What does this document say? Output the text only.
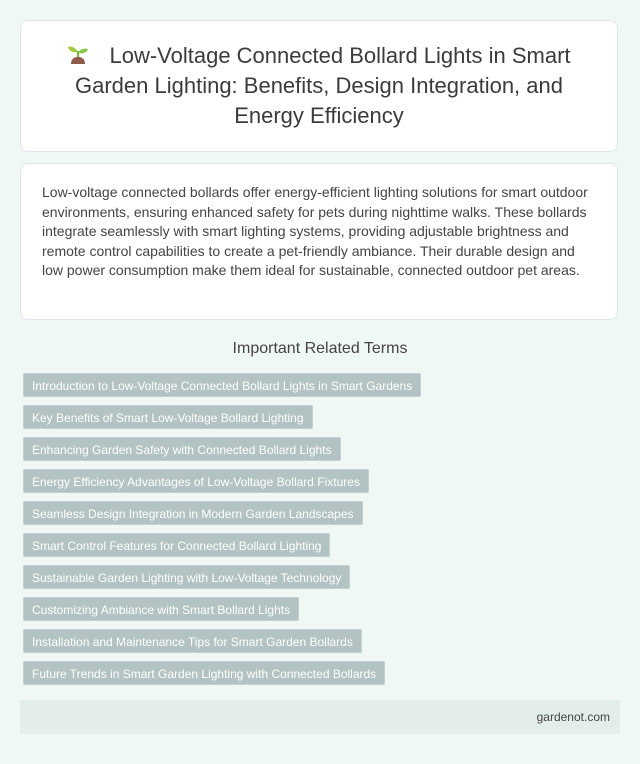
Low-Voltage Connected Bollard Lights in Smart Garden Lighting: Benefits, Design Integration, and Energy Efficiency

Low-voltage connected bollards offer energy-efficient lighting solutions for smart outdoor environments, ensuring enhanced safety for pets during nighttime walks. These bollards integrate seamlessly with smart lighting systems, providing adjustable brightness and remote control capabilities to create a pet-friendly ambiance. Their durable design and low power consumption make them ideal for sustainable, connected outdoor pet areas.

Important Related Terms
Introduction to Low-Voltage Connected Bollard Lights in Smart Gardens
Key Benefits of Smart Low-Voltage Bollard Lighting
Enhancing Garden Safety with Connected Bollard Lights
Energy Efficiency Advantages of Low-Voltage Bollard Fixtures
Seamless Design Integration in Modern Garden Landscapes
Smart Control Features for Connected Bollard Lighting
Sustainable Garden Lighting with Low-Voltage Technology
Customizing Ambiance with Smart Bollard Lights
Installation and Maintenance Tips for Smart Garden Bollards
Future Trends in Smart Garden Lighting with Connected Bollards
gardenot.com
